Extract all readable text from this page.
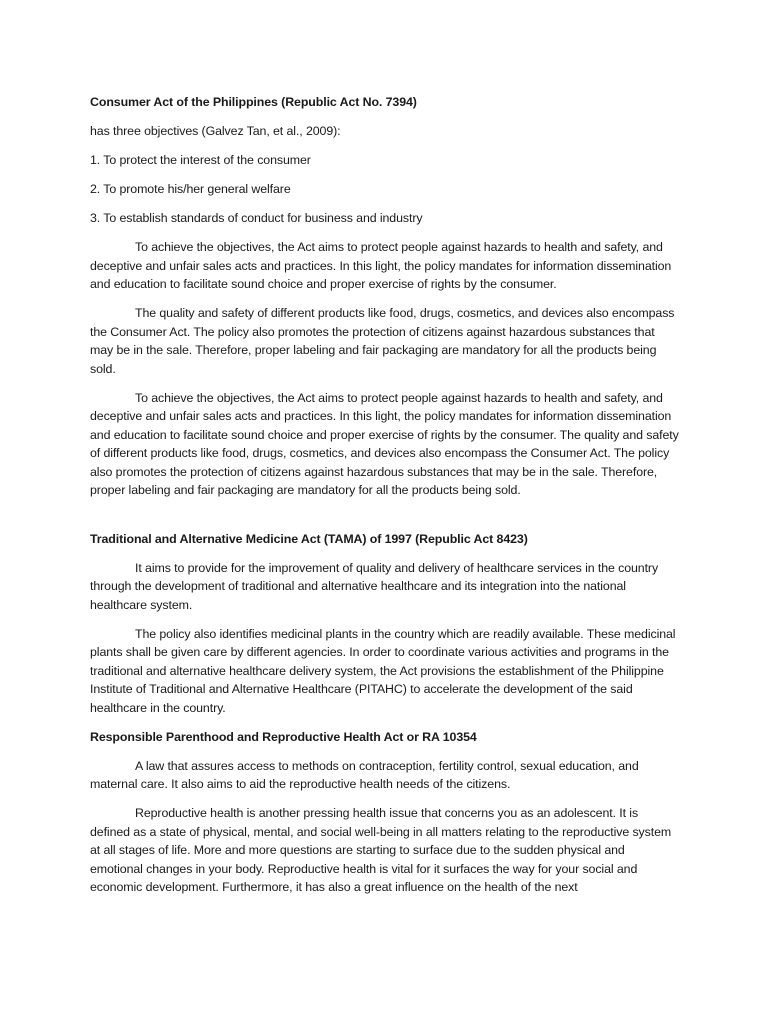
Consumer Act of the Philippines (Republic Act No. 7394)

has three objectives (Galvez Tan, et al., 2009):

1. To protect the interest of the consumer

2. To promote his/her general welfare

3. To establish standards of conduct for business and industry

To achieve the objectives, the Act aims to protect people against hazards to health and safety, and deceptive and unfair sales acts and practices. In this light, the policy mandates for information dissemination and education to facilitate sound choice and proper exercise of rights by the consumer.

The quality and safety of different products like food, drugs, cosmetics, and devices also encompass the Consumer Act. The policy also promotes the protection of citizens against hazardous substances that may be in the sale. Therefore, proper labeling and fair packaging are mandatory for all the products being sold.

To achieve the objectives, the Act aims to protect people against hazards to health and safety, and deceptive and unfair sales acts and practices. In this light, the policy mandates for information dissemination and education to facilitate sound choice and proper exercise of rights by the consumer. The quality and safety of different products like food, drugs, cosmetics, and devices also encompass the Consumer Act. The policy also promotes the protection of citizens against hazardous substances that may be in the sale. Therefore, proper labeling and fair packaging are mandatory for all the products being sold.

Traditional and Alternative Medicine Act (TAMA) of 1997 (Republic Act 8423)

It aims to provide for the improvement of quality and delivery of healthcare services in the country through the development of traditional and alternative healthcare and its integration into the national healthcare system.

The policy also identifies medicinal plants in the country which are readily available. These medicinal plants shall be given care by different agencies. In order to coordinate various activities and programs in the traditional and alternative healthcare delivery system, the Act provisions the establishment of the Philippine Institute of Traditional and Alternative Healthcare (PITAHC) to accelerate the development of the said healthcare in the country.

Responsible Parenthood and Reproductive Health Act or RA 10354

A law that assures access to methods on contraception, fertility control, sexual education, and maternal care. It also aims to aid the reproductive health needs of the citizens.

Reproductive health is another pressing health issue that concerns you as an adolescent. It is defined as a state of physical, mental, and social well-being in all matters relating to the reproductive system at all stages of life. More and more questions are starting to surface due to the sudden physical and emotional changes in your body. Reproductive health is vital for it surfaces the way for your social and economic development. Furthermore, it has also a great influence on the health of the next
